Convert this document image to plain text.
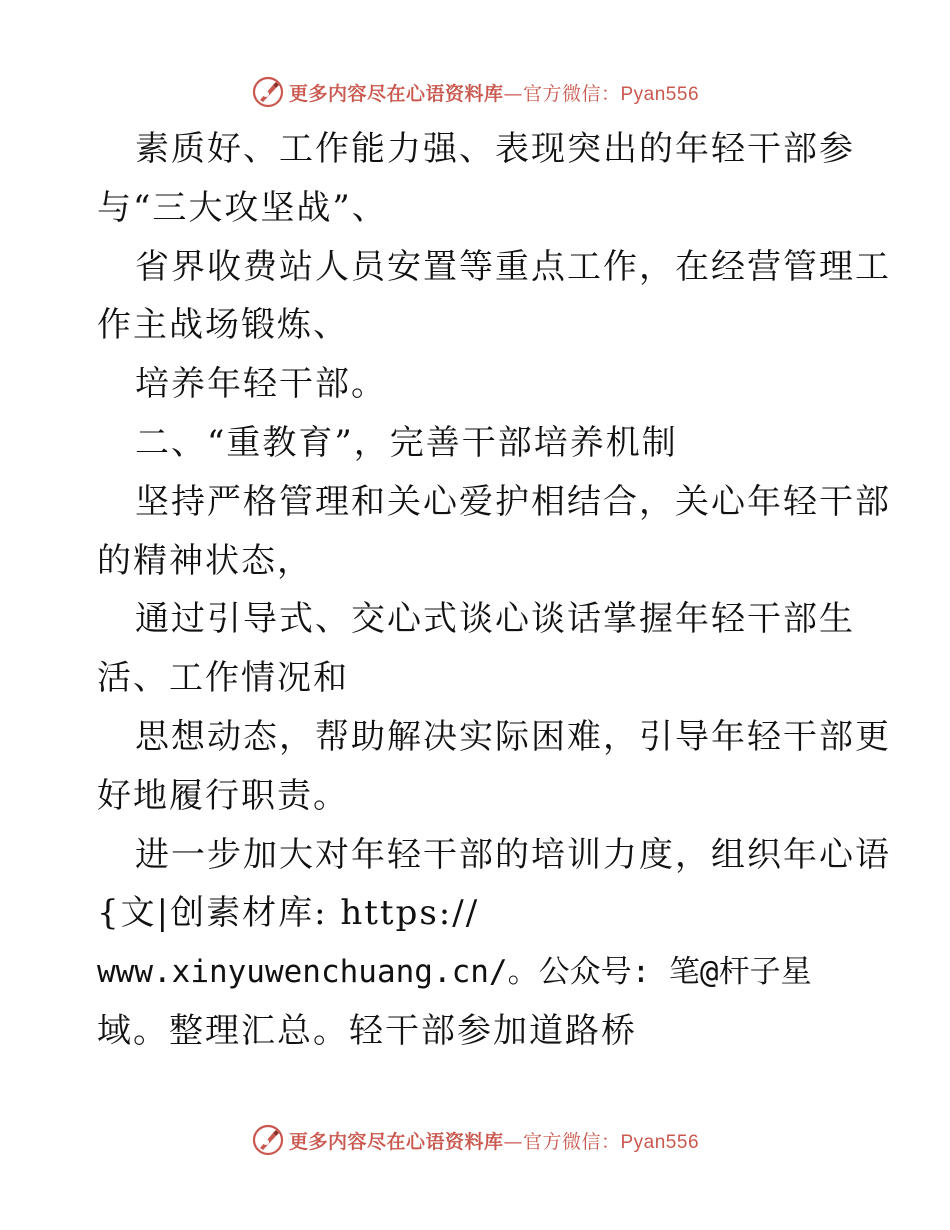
更多内容尽在心语资料库—官方微信：Pyan556
素质好、工作能力强、表现突出的年轻干部参
与“三大攻坚战”、
省界收费站人员安置等重点工作，在经营管理工
作主战场锻炼、
培养年轻干部。
二、“重教育”，完善干部培养机制
坚持严格管理和关心爱护相结合，关心年轻干部
的精神状态，
通过引导式、交心式谈心谈话掌握年轻干部生
活、工作情况和
思想动态，帮助解决实际困难，引导年轻干部更
好地履行职责。
进一步加大对年轻干部的培训力度，组织年心语
{文|创素材库: https://
www.xinyuwenchuang.cn/。公众号: 笔@杆子星
域。整理汇总。轻干部参加道路桥
更多内容尽在心语资料库—官方微信：Pyan556
